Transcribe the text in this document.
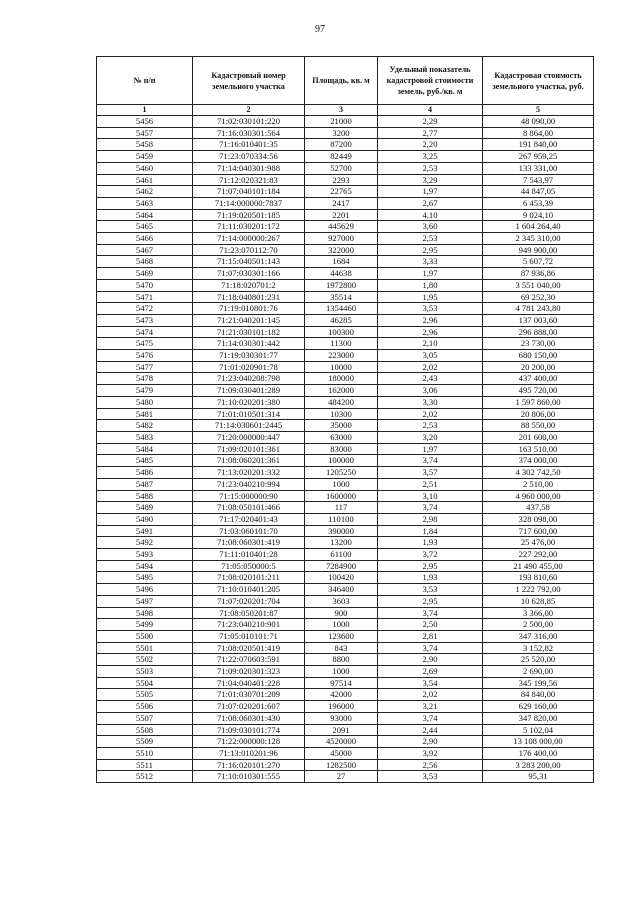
97
№ п/п	Кадастровый номер земельного участка	Площадь, кв. м	Удельный показатель кадастровой стоимости земель, руб./кв. м	Кадастровая стоимость земельного участка, руб.
1	2	3	4	5
5456	71:02:030101:220	21000	2,29	48 090,00
5457	71:16:030301:564	3200	2,77	8 864,00
5458	71:16:010401:35	87200	2,20	191 840,00
5459	71:23:070334:56	82449	3,25	267 959,25
5460	71:14:040301:988	52700	2,53	133 331,00
5461	71:12:020321:83	2293	3,29	7 543,97
5462	71:07:040101:184	22765	1,97	44 847,05
5463	71:14:000000:7837	2417	2,67	6 453,39
5464	71:19:020501:185	2201	4,10	9 024,10
5465	71:11:030201:172	445629	3,60	1 604 264,40
5466	71:14:000000:267	927000	2,53	2 345 310,00
5467	71:23:070112:70	322000	2,95	949 900,00
5468	71:15:040501:143	1684	3,33	5 607,72
5469	71:07:030301:166	44638	1,97	87 936,86
5470	71:18:020701:2	1972800	1,80	3 551 040,00
5471	71:18:040801:231	35514	1,95	69 252,30
5472	71:19:010801:76	1354460	3,53	4 781 243,80
5473	71:21:040201:145	46285	2,96	137 003,60
5474	71:21:030101:182	100300	2,96	296 888,00
5475	71:14:030301:442	11300	2,10	23 730,00
5476	71:19:030301:77	223000	3,05	680 150,00
5477	71:01:020901:78	10000	2,02	20 200,00
5478	71:23:040208:798	180000	2,43	437 400,00
5479	71:09:030401:289	162000	3,06	495 720,00
5480	71:10:020201:380	484200	3,30	1 597 860,00
5481	71:01:010501:314	10300	2,02	20 806,00
5482	71:14:030601:2445	35000	2,53	88 550,00
5483	71:20:000000:447	63000	3,20	201 600,00
5484	71:09:020101:361	83000	1,97	163 510,00
5485	71:08:060201:361	100000	3,74	374 000,00
5486	71:13:020201:332	1205250	3,57	4 302 742,50
5487	71:23:040210:994	1000	2,51	2 510,00
5488	71:15:000000:90	1600000	3,10	4 960 000,00
5489	71:08:050101:466	117	3,74	437,58
5490	71:17:020401:43	110100	2,98	328 098,00
5491	71:03:060101:70	390000	1,84	717 600,00
5492	71:08:060301:419	13200	1,93	25 476,00
5493	71:11:010401:28	61100	3,72	227 292,00
5494	71:05:050000:5	7284900	2,95	21 490 455,00
5495	71:08:020101:211	100420	1,93	193 810,60
5496	71:10:010401:205	346400	3,53	1 222 792,00
5497	71:07:020201:704	3603	2,95	10 628,85
5498	71:08:050201:87	900	3,74	3 366,00
5499	71:23:040210:901	1000	2,50	2 500,00
5500	71:05:010101:71	123600	2,81	347 316,00
5501	71:08:020501:419	843	3,74	3 152,82
5502	71:22:070603:591	8800	2,90	25 520,00
5503	71:09:020301:323	1000	2,69	2 690,00
5504	71:04:040401:228	97514	3,54	345 199,56
5505	71:01:030701:209	42000	2,02	84 840,00
5506	71:07:020201:607	196000	3,21	629 160,00
5507	71:08:060301:430	93000	3,74	347 820,00
5508	71:09:030101:774	2091	2,44	5 102,04
5509	71:22:000000:128	4520000	2,90	13 108 000,00
5510	71:13:010201:96	45000	3,92	176 400,00
5511	71:16:020101:270	1282500	2,56	3 283 200,00
5512	71:10:010301:555	27	3,53	95,31
